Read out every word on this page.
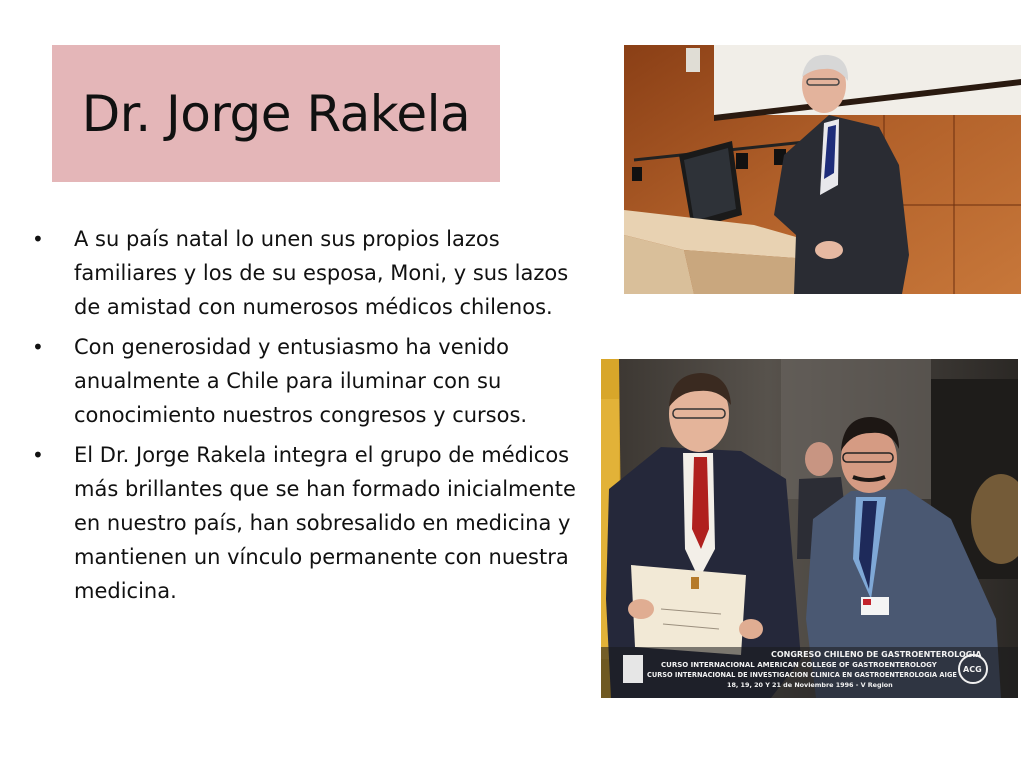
Dr. Jorge Rakela
• A su país natal lo unen sus propios lazos familiares y los de su esposa, Moni, y sus lazos de amistad con numerosos médicos chilenos.
• Con generosidad y entusiasmo ha venido anualmente a Chile para iluminar con su conocimiento nuestros congresos y cursos.
• El Dr. Jorge Rakela integra el grupo de médicos más brillantes que se han formado inicialmente en nuestro país, han sobresalido en medicina y mantienen un vínculo permanente con nuestra medicina.
CONGRESO CHILENO DE GASTROENTEROLOGIA
CURSO INTERNACIONAL AMERICAN COLLEGE OF GASTROENTEROLOGY
CURSO INTERNACIONAL DE INVESTIGACION CLINICA EN GASTROENTEROLOGIA AIGE
18, 19, 20 Y 21 de Noviembre 1996 - V Region
ACG
